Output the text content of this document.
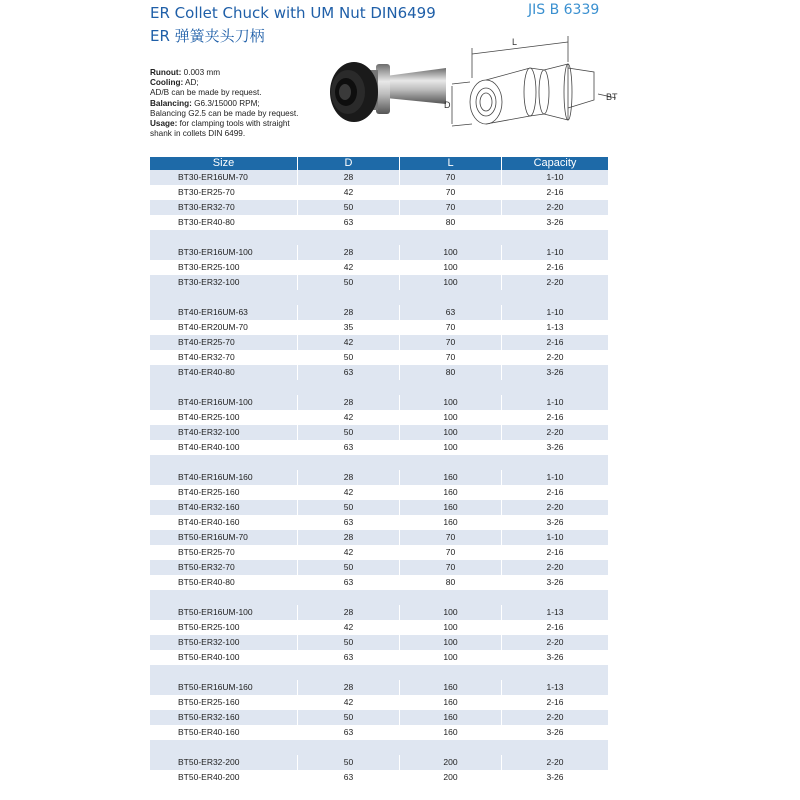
ER Collet Chuck with UM Nut DIN6499
ER 弹簧夹头刀柄
JIS B 6339
Runout: 0.003 mm
Cooling: AD;
AD/B can be made by request.
Balancing: G6.3/15000 RPM;
Balancing G2.5 can be made by request.
Usage: for clamping tools with straight
shank in collets DIN 6499.
L
D
BT
Size	D	L	Capacity
BT30-ER16UM-70	28	70	1-10
BT30-ER25-70	42	70	2-16
BT30-ER32-70	50	70	2-20
BT30-ER40-80	63	80	3-26
BT30-ER16UM-100	28	100	1-10
BT30-ER25-100	42	100	2-16
BT30-ER32-100	50	100	2-20
BT40-ER16UM-63	28	63	1-10
BT40-ER20UM-70	35	70	1-13
BT40-ER25-70	42	70	2-16
BT40-ER32-70	50	70	2-20
BT40-ER40-80	63	80	3-26
BT40-ER16UM-100	28	100	1-10
BT40-ER25-100	42	100	2-16
BT40-ER32-100	50	100	2-20
BT40-ER40-100	63	100	3-26
BT40-ER16UM-160	28	160	1-10
BT40-ER25-160	42	160	2-16
BT40-ER32-160	50	160	2-20
BT40-ER40-160	63	160	3-26
BT50-ER16UM-70	28	70	1-10
BT50-ER25-70	42	70	2-16
BT50-ER32-70	50	70	2-20
BT50-ER40-80	63	80	3-26
BT50-ER16UM-100	28	100	1-13
BT50-ER25-100	42	100	2-16
BT50-ER32-100	50	100	2-20
BT50-ER40-100	63	100	3-26
BT50-ER16UM-160	28	160	1-13
BT50-ER25-160	42	160	2-16
BT50-ER32-160	50	160	2-20
BT50-ER40-160	63	160	3-26
BT50-ER32-200	50	200	2-20
BT50-ER40-200	63	200	3-26
